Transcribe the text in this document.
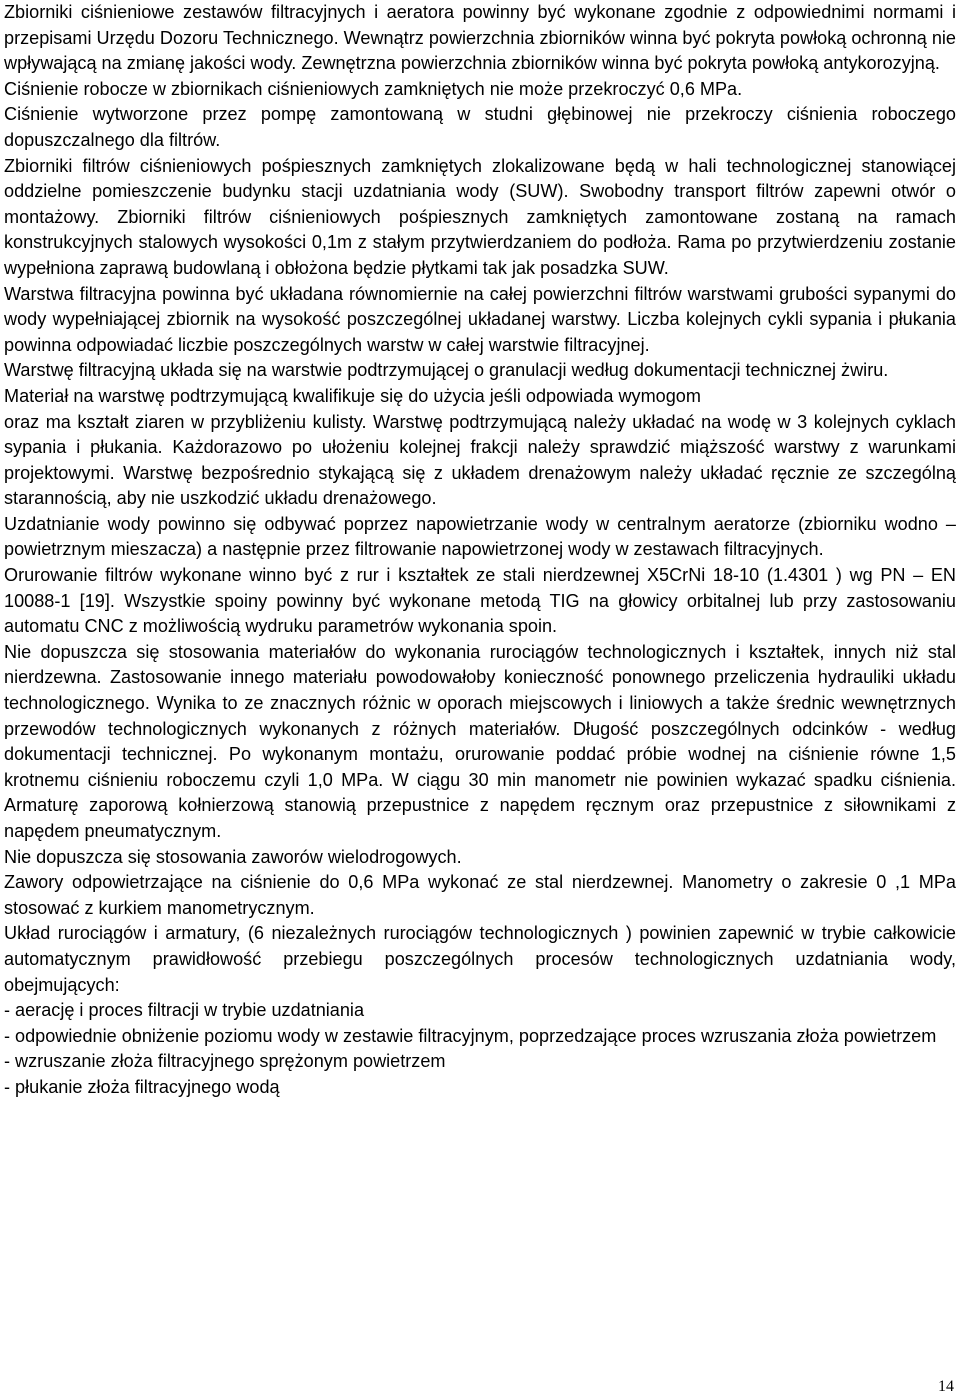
Zbiorniki ciśnieniowe zestawów filtracyjnych i aeratora powinny być wykonane zgodnie z odpowiednimi normami i przepisami Urzędu Dozoru Technicznego. Wewnątrz powierzchnia zbiorników winna być pokryta powłoką ochronną nie wpływającą na zmianę jakości wody. Zewnętrzna powierzchnia zbiorników winna być pokryta powłoką antykorozyjną.

Ciśnienie robocze w zbiornikach ciśnieniowych zamkniętych nie może przekroczyć 0,6 MPa.

Ciśnienie wytworzone przez pompę zamontowaną w studni głębinowej nie przekroczy ciśnienia roboczego dopuszczalnego dla filtrów.

Zbiorniki filtrów ciśnieniowych pośpiesznych zamkniętych zlokalizowane będą w hali technologicznej stanowiącej oddzielne pomieszczenie budynku stacji uzdatniania wody (SUW). Swobodny transport filtrów zapewni otwór o montażowy. Zbiorniki filtrów ciśnieniowych pośpiesznych zamkniętych zamontowane zostaną na ramach konstrukcyjnych stalowych wysokości 0,1m z stałym przytwierdzaniem do podłoża. Rama po przytwierdzeniu zostanie wypełniona zaprawą budowlaną i obłożona będzie płytkami tak jak posadzka SUW.

Warstwa filtracyjna powinna być układana równomiernie na całej powierzchni filtrów warstwami grubości sypanymi do wody wypełniającej zbiornik na wysokość poszczególnej układanej warstwy. Liczba kolejnych cykli sypania i płukania powinna odpowiadać liczbie poszczególnych warstw w całej warstwie filtracyjnej.

Warstwę filtracyjną układa się na warstwie podtrzymującej o granulacji według dokumentacji technicznej żwiru.

Materiał na warstwę podtrzymującą kwalifikuje się do użycia jeśli odpowiada wymogom

oraz ma kształt ziaren w przybliżeniu kulisty. Warstwę podtrzymującą należy układać na wodę w 3 kolejnych cyklach sypania i płukania. Każdorazowo po ułożeniu kolejnej frakcji należy sprawdzić miąższość warstwy z warunkami projektowymi. Warstwę bezpośrednio stykającą się z układem drenażowym należy układać ręcznie ze szczególną starannością, aby nie uszkodzić układu drenażowego.

Uzdatnianie wody powinno się odbywać poprzez napowietrzanie wody w centralnym aeratorze (zbiorniku wodno – powietrznym mieszacza) a następnie przez filtrowanie napowietrzonej wody w zestawach filtracyjnych.

Orurowanie filtrów wykonane winno być z rur i kształtek ze stali nierdzewnej X5CrNi 18-10 (1.4301 ) wg PN – EN 10088-1 [19]. Wszystkie spoiny powinny być wykonane metodą TIG na głowicy orbitalnej lub przy zastosowaniu automatu CNC z możliwością wydruku parametrów wykonania spoin.

Nie dopuszcza się stosowania materiałów do wykonania rurociągów technologicznych i kształtek, innych niż stal nierdzewna. Zastosowanie innego materiału powodowałoby konieczność ponownego przeliczenia hydrauliki układu technologicznego. Wynika to ze znacznych różnic w oporach miejscowych i liniowych a także średnic wewnętrznych przewodów technologicznych wykonanych z różnych materiałów. Długość poszczególnych odcinków - według dokumentacji technicznej. Po wykonanym montażu, orurowanie poddać próbie wodnej na ciśnienie równe 1,5 krotnemu ciśnieniu roboczemu czyli 1,0 MPa. W ciągu 30 min manometr nie powinien wykazać spadku ciśnienia. Armaturę zaporową kołnierzową stanowią przepustnice z napędem ręcznym oraz przepustnice z siłownikami z napędem pneumatycznym.

Nie dopuszcza się stosowania zaworów wielodrogowych.

Zawory odpowietrzające na ciśnienie do 0,6 MPa wykonać ze stal nierdzewnej. Manometry o zakresie 0 ,1 MPa stosować z kurkiem manometrycznym.

Układ rurociągów i armatury, (6 niezależnych rurociągów technologicznych ) powinien zapewnić w trybie całkowicie automatycznym prawidłowość przebiegu poszczególnych procesów technologicznych uzdatniania wody, obejmujących:

- aerację i proces filtracji w trybie uzdatniania

- odpowiednie obniżenie poziomu wody w zestawie filtracyjnym, poprzedzające proces wzruszania złoża powietrzem

- wzruszanie złoża filtracyjnego sprężonym powietrzem

- płukanie złoża filtracyjnego wodą

14
